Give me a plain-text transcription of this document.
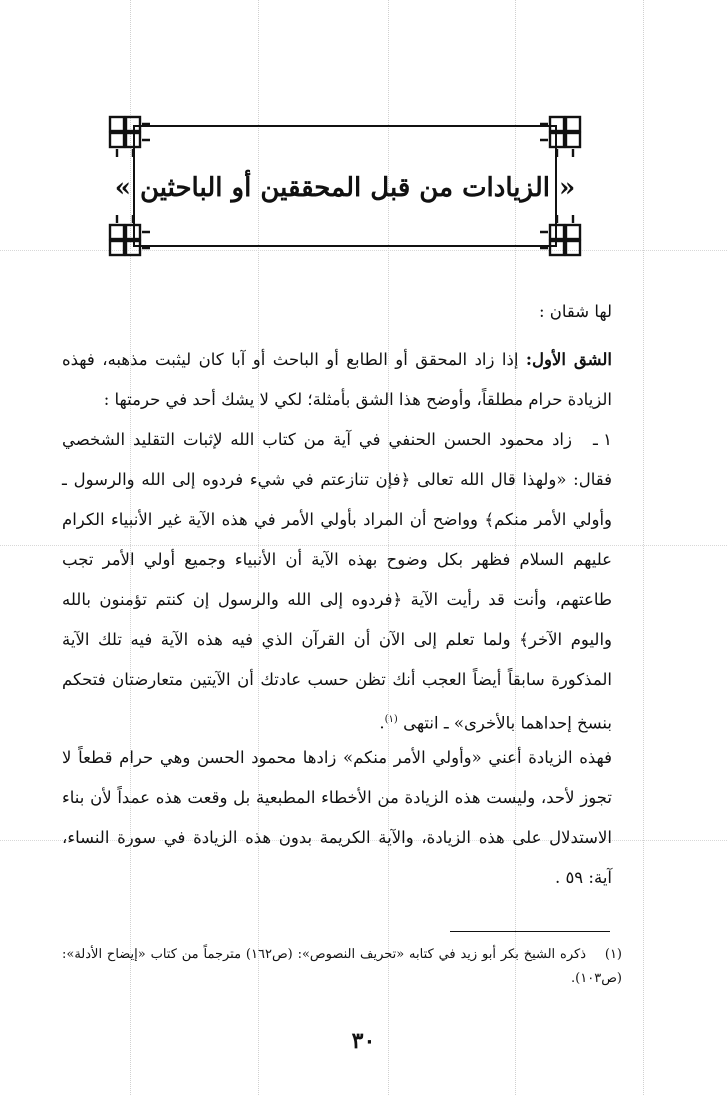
« الزيادات من قبل المحققين أو الباحثين »

لها شقان :

الشق الأول: إذا زاد المحقق أو الطابع أو الباحث أو آبا كان ليثبت مذهبه، فهذه الزيادة حرام مطلقاً، وأوضح هذا الشق بأمثلة؛ لكي لا يشك أحد في حرمتها :

١ ـزاد محمود الحسن الحنفي في آية من كتاب الله لإثبات التقليد الشخصي فقال: «ولهذا قال الله تعالى ﴿فإن تنازعتم في شيء فردوه إلى الله والرسول ـ وأولي الأمر منكم﴾ وواضح أن المراد بأولي الأمر في هذه الآية غير الأنبياء الكرام عليهم السلام فظهر بكل وضوح بهذه الآية أن الأنبياء وجميع أولي الأمر تجب طاعتهم، وأنت قد رأيت الآية ﴿فردوه إلى الله والرسول إن كنتم تؤمنون بالله واليوم الآخر﴾ ولما تعلم إلى الآن أن القرآن الذي فيه هذه الآية فيه تلك الآية المذكورة سابقاً أيضاً العجب أنك تظن حسب عادتك أن الآيتين متعارضتان فتحكم بنسخ إحداهما بالأخرى» ـ انتهى $^{(١)}$.

فهذه الزيادة أعني «وأولي الأمر منكم» زادها محمود الحسن وهي حرام قطعاً لا تجوز لأحد، وليست هذه الزيادة من الأخطاء المطبعية بل وقعت هذه عمداً لأن بناء الاستدلال على هذه الزيادة، والآية الكريمة بدون هذه الزيادة في سورة النساء، آية: ٥٩ .

(١)ذكره الشيخ بكر أبو زيد في كتابه «تحريف النصوص»: (ص١٦٢) مترجماً من كتاب «إيضاح الأدلة»: (ص١٠٣).
٣٠
